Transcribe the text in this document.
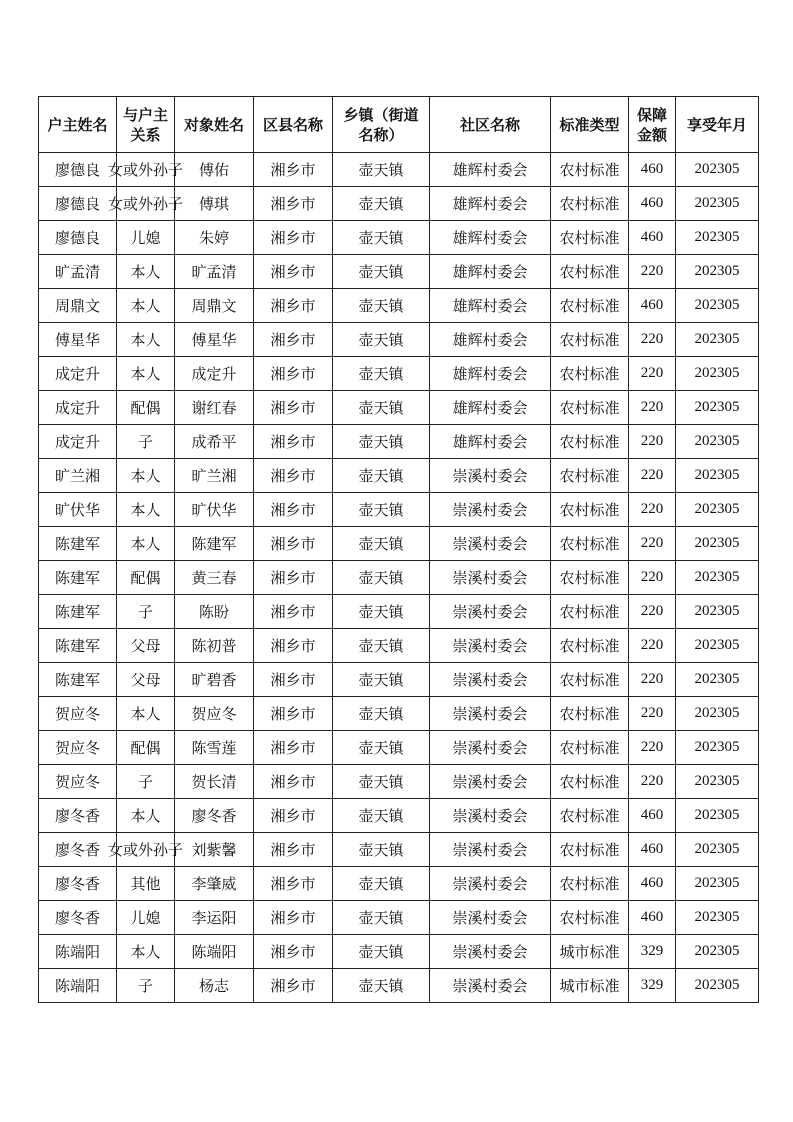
户主姓名	与户主关系	对象姓名	区县名称	乡镇（街道名称）	社区名称	标准类型	保障金额	享受年月
廖德良	女或外孙子	傅佑	湘乡市	壶天镇	雄辉村委会	农村标准	460	202305
廖德良	女或外孙子	傅琪	湘乡市	壶天镇	雄辉村委会	农村标准	460	202305
廖德良	儿媳	朱婷	湘乡市	壶天镇	雄辉村委会	农村标准	460	202305
旷孟清	本人	旷孟清	湘乡市	壶天镇	雄辉村委会	农村标准	220	202305
周鼎文	本人	周鼎文	湘乡市	壶天镇	雄辉村委会	农村标准	460	202305
傅星华	本人	傅星华	湘乡市	壶天镇	雄辉村委会	农村标准	220	202305
成定升	本人	成定升	湘乡市	壶天镇	雄辉村委会	农村标准	220	202305
成定升	配偶	谢红春	湘乡市	壶天镇	雄辉村委会	农村标准	220	202305
成定升	子	成希平	湘乡市	壶天镇	雄辉村委会	农村标准	220	202305
旷兰湘	本人	旷兰湘	湘乡市	壶天镇	崇溪村委会	农村标准	220	202305
旷伏华	本人	旷伏华	湘乡市	壶天镇	崇溪村委会	农村标准	220	202305
陈建军	本人	陈建军	湘乡市	壶天镇	崇溪村委会	农村标准	220	202305
陈建军	配偶	黄三春	湘乡市	壶天镇	崇溪村委会	农村标准	220	202305
陈建军	子	陈盼	湘乡市	壶天镇	崇溪村委会	农村标准	220	202305
陈建军	父母	陈初普	湘乡市	壶天镇	崇溪村委会	农村标准	220	202305
陈建军	父母	旷碧香	湘乡市	壶天镇	崇溪村委会	农村标准	220	202305
贺应冬	本人	贺应冬	湘乡市	壶天镇	崇溪村委会	农村标准	220	202305
贺应冬	配偶	陈雪莲	湘乡市	壶天镇	崇溪村委会	农村标准	220	202305
贺应冬	子	贺长清	湘乡市	壶天镇	崇溪村委会	农村标准	220	202305
廖冬香	本人	廖冬香	湘乡市	壶天镇	崇溪村委会	农村标准	460	202305
廖冬香	女或外孙子	刘紫馨	湘乡市	壶天镇	崇溪村委会	农村标准	460	202305
廖冬香	其他	李肇威	湘乡市	壶天镇	崇溪村委会	农村标准	460	202305
廖冬香	儿媳	李运阳	湘乡市	壶天镇	崇溪村委会	农村标准	460	202305
陈端阳	本人	陈端阳	湘乡市	壶天镇	崇溪村委会	城市标准	329	202305
陈端阳	子	杨志	湘乡市	壶天镇	崇溪村委会	城市标准	329	202305
